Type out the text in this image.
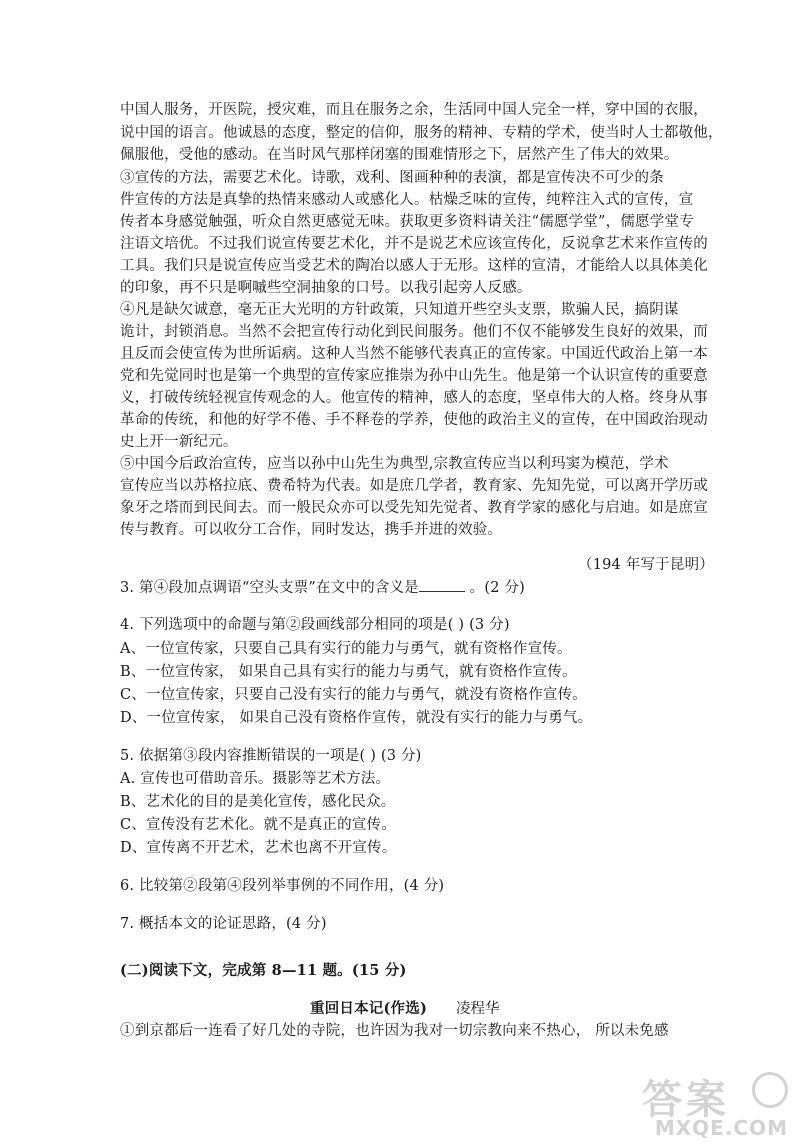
中国人服务，开医院，授灾难，而且在服务之余，生活同中国人完全一样，穿中国的衣服，
说中国的语言。他诚恳的态度，整定的信仰，服务的精神、专精的学术，使当时人士都敬他，
佩服他，受他的感动。在当时风气那样闭塞的围难情形之下，居然产生了伟大的效果。
③宣传的方法，需要艺术化。诗歌，戏利、图画种种的表演，都是宣传决不可少的条
件宣传的方法是真挚的热情来感动人或感化人。枯燥乏味的宣传，纯粹注入式的宣传，宣
传者本身感觉触强，听众自然更感觉无味。获取更多资料请关注“儒愿学堂”，儒愿学堂专
注语文培优。不过我们说宣传要艺术化，并不是说艺术应该宣传化，反说拿艺术来作宣传的
工具。我们只是说宣传应当受艺术的陶冶以感人于无形。这样的宣清，才能给人以具体美化
的印象，再不只是啊嘁些空洞抽象的口号。以我引起旁人反感。
④凡是缺欠诚意，毫无正大光明的方针政策，只知道开些空头支票，欺骗人民，搞阴谋
诡计，封锁消息。当然不会把宣传行动化到民间服务。他们不仅不能够发生良好的效果，而
且反而会使宣传为世所诟病。这种人当然不能够代表真正的宣传家。中国近代政治上第一本
党和先觉同时也是第一个典型的宣传家应推崇为孙中山先生。他是第一个认识宣传的重要意
义，打破传统轻视宣传观念的人。他宣传的精神，感人的态度，坚卓伟大的人格。终身从事
革命的传统，和他的好学不倦、手不释卷的学养，使他的政治主义的宣传，在中国政治现动
史上开一新纪元。
⑤中国今后政治宣传，应当以孙中山先生为典型,宗教宣传应当以利玛窦为模范，学术
宣传应当以苏格拉底、费希特为代表。如是庶几学者，教育家、先知先觉，可以离开学历或
象牙之塔而到民间去。而一般民众亦可以受先知先觉者、教育学家的感化与启迪。如是庶宣
传与教育。可以收分工合作，同时发达，携手并进的效验。
（194 年写于昆明）
3. 第④段加点调语“空头支票”在文中的含义是	。(2 分)
4. 下列选项中的命题与第②段画线部分相同的项是( ) (3 分)
A、一位宣传家，只要自己具有实行的能力与勇气，就有资格作宣传。
B、一位宣传家， 如果自己具有实行的能力与勇气，就有资格作宣传。
C、一位宣传家，只要自己没有实行的能力与勇气，就没有资格作宣传。
D、一位宣传家， 如果自己没有资格作宣传，就没有实行的能力与勇气。
5. 依据第③段内容推断错误的一项是( ) (3 分)
A. 宣传也可借助音乐。摄影等艺术方法。
B、艺术化的目的是美化宣传，感化民众。
C、宣传没有艺术化。就不是真正的宣传。
D、宣传离不开艺术，艺术也离不开宣传。
6. 比较第②段第④段列举事例的不同作用，(4 分)
7. 概括本文的论证思路，(4 分)
(二)阅读下文，完成第 8—11 题。(15 分)
重回日本记(作选) 凌程华
①到京都后一连看了好几处的寺院，也许因为我对一切宗教向来不热心， 所以未免感
答案
MXQE.COM
